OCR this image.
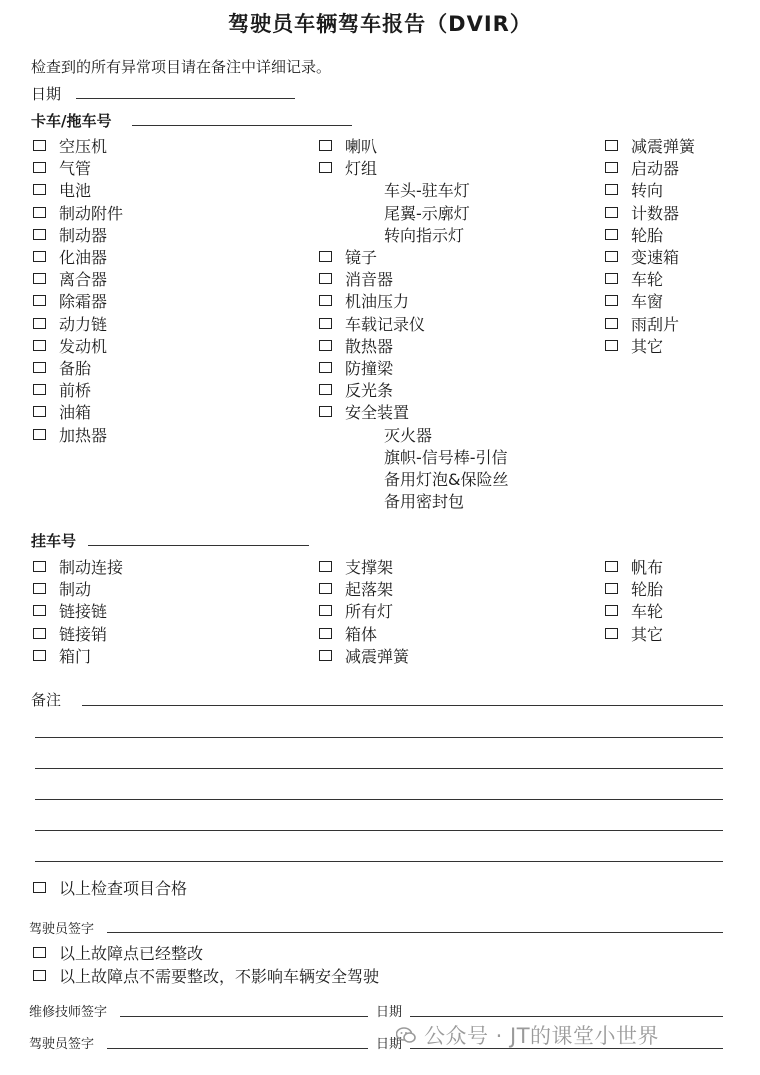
驾驶员车辆驾车报告（DVIR）
检查到的所有异常项目请在备注中详细记录。
日期
卡车/拖车号
空压机
气管
电池
制动附件
制动器
化油器
离合器
除霜器
动力链
发动机
备胎
前桥
油箱
加热器
喇叭
灯组
车头-驻车灯
尾翼-示廓灯
转向指示灯
镜子
消音器
机油压力
车载记录仪
散热器
防撞梁
反光条
安全装置
灭火器
旗帜-信号棒-引信
备用灯泡&保险丝
备用密封包
减震弹簧
启动器
转向
计数器
轮胎
变速箱
车轮
车窗
雨刮片
其它
挂车号
制动连接
制动
链接链
链接销
箱门
支撑架
起落架
所有灯
箱体
减震弹簧
帆布
轮胎
车轮
其它
备注
以上检查项目合格
驾驶员签字
以上故障点已经整改
以上故障点不需要整改，不影响车辆安全驾驶
维修技师签字	日期
驾驶员签字	日期	公众号 · JT的课堂小世界
